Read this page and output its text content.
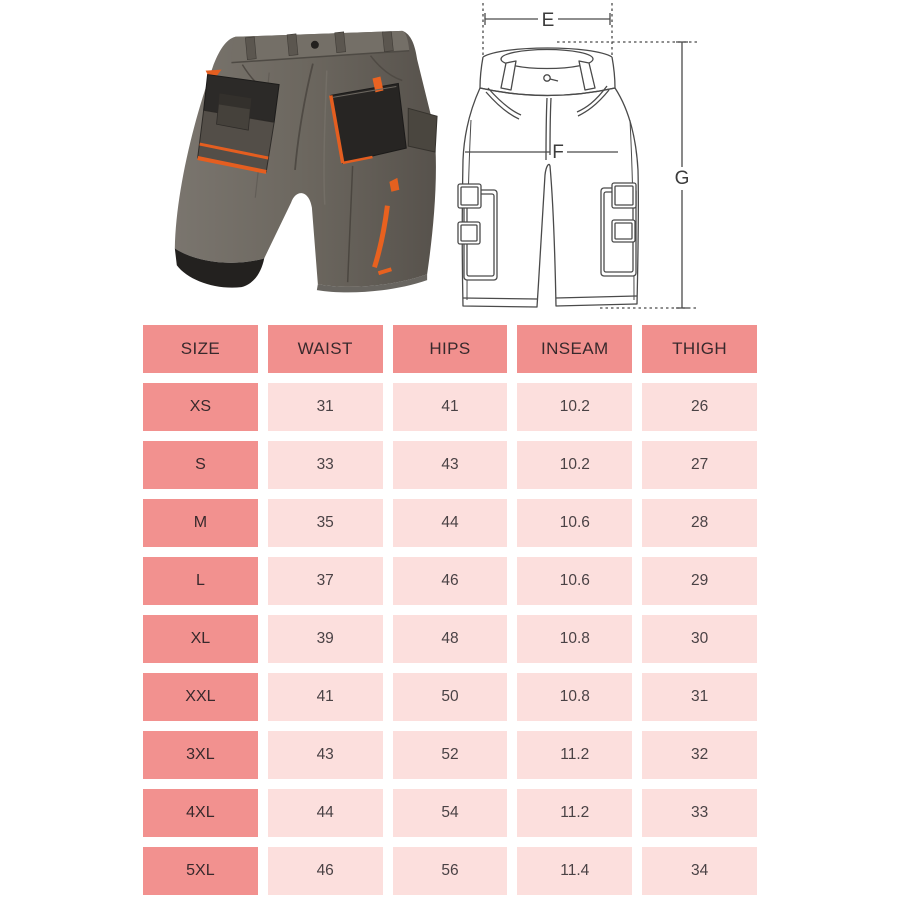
E
F
G
SIZE	WAIST	HIPS	INSEAM	THIGH
XS	31	41	10.2	26
S	33	43	10.2	27
M	35	44	10.6	28
L	37	46	10.6	29
XL	39	48	10.8	30
XXL	41	50	10.8	31
3XL	43	52	11.2	32
4XL	44	54	11.2	33
5XL	46	56	11.4	34
